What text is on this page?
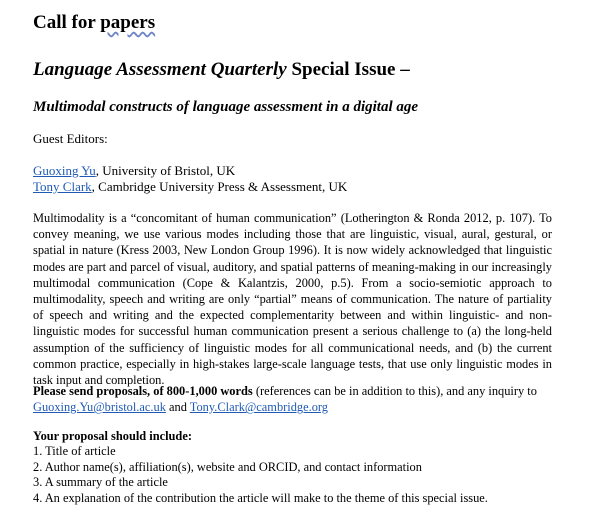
Call for papers
Language Assessment Quarterly Special Issue –
Multimodal constructs of language assessment in a digital age
Guest Editors:
Guoxing Yu, University of Bristol, UK
Tony Clark, Cambridge University Press & Assessment, UK
Multimodality is a “concomitant of human communication” (Lotherington & Ronda 2012, p. 107). To convey meaning, we use various modes including those that are linguistic, visual, aural, gestural, or spatial in nature (Kress 2003, New London Group 1996). It is now widely acknowledged that linguistic modes are part and parcel of visual, auditory, and spatial patterns of meaning-making in our increasingly multimodal communication (Cope & Kalantzis, 2000, p.5). From a socio-semiotic approach to multimodality, speech and writing are only “partial” means of communication. The nature of partiality of speech and writing and the expected complementarity between and within linguistic- and non-linguistic modes for successful human communication present a serious challenge to (a) the long-held assumption of the sufficiency of linguistic modes for all communicational needs, and (b) the current common practice, especially in high-stakes large-scale language tests, that use only linguistic modes in task input and completion.
Please send proposals, of 800-1,000 words (references can be in addition to this), and any inquiry to Guoxing.Yu@bristol.ac.uk and Tony.Clark@cambridge.org
Your proposal should include:
1. Title of article
2. Author name(s), affiliation(s), website and ORCID, and contact information
3. A summary of the article
4. An explanation of the contribution the article will make to the theme of this special issue.
